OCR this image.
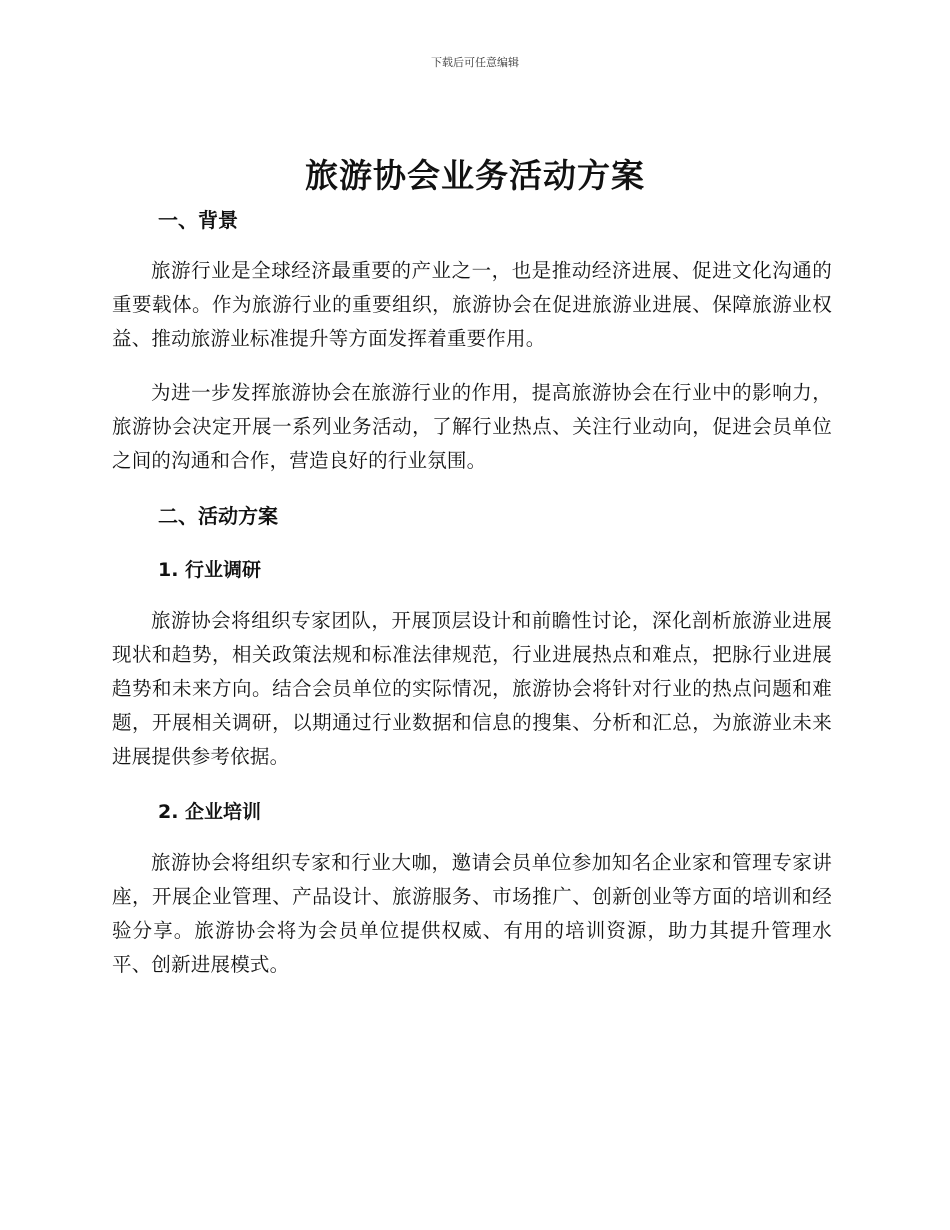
下载后可任意编辑
旅游协会业务活动方案
一、背景

旅游行业是全球经济最重要的产业之一，也是推动经济进展、促进文化沟通的重要载体。作为旅游行业的重要组织，旅游协会在促进旅游业进展、保障旅游业权益、推动旅游业标准提升等方面发挥着重要作用。

为进一步发挥旅游协会在旅游行业的作用，提高旅游协会在行业中的影响力，旅游协会决定开展一系列业务活动，了解行业热点、关注行业动向，促进会员单位之间的沟通和合作，营造良好的行业氛围。

二、活动方案
1. 行业调研

旅游协会将组织专家团队，开展顶层设计和前瞻性讨论，深化剖析旅游业进展现状和趋势，相关政策法规和标准法律规范，行业进展热点和难点，把脉行业进展趋势和未来方向。结合会员单位的实际情况，旅游协会将针对行业的热点问题和难题，开展相关调研，以期通过行业数据和信息的搜集、分析和汇总，为旅游业未来进展提供参考依据。

2. 企业培训

旅游协会将组织专家和行业大咖，邀请会员单位参加知名企业家和管理专家讲座，开展企业管理、产品设计、旅游服务、市场推广、创新创业等方面的培训和经验分享。旅游协会将为会员单位提供权威、有用的培训资源，助力其提升管理水平、创新进展模式。
